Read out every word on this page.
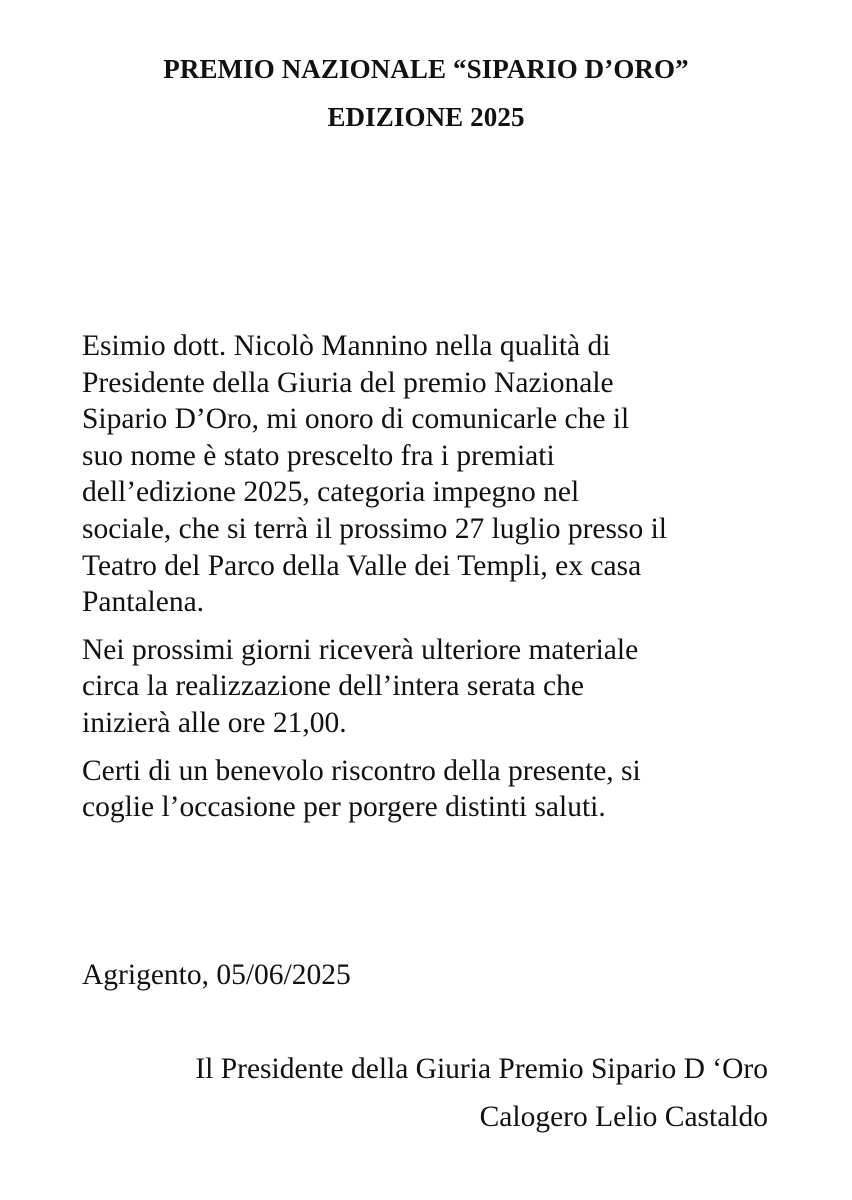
PREMIO NAZIONALE “SIPARIO D’ORO”
EDIZIONE 2025

Esimio dott. Nicolò Mannino nella qualità di
Presidente della Giuria del premio Nazionale
Sipario D’Oro, mi onoro di comunicarle che il
suo nome è stato prescelto fra i premiati
dell’edizione 2025, categoria impegno nel
sociale, che si terrà il prossimo 27 luglio presso il
Teatro del Parco della Valle dei Templi, ex casa
Pantalena.

Nei prossimi giorni riceverà ulteriore materiale
circa la realizzazione dell’intera serata che
inizierà alle ore 21,00.

Certi di un benevolo riscontro della presente, si
coglie l’occasione per porgere distinti saluti.

Agrigento, 05/06/2025
Il Presidente della Giuria Premio Sipario D ‘Oro
Calogero Lelio Castaldo
